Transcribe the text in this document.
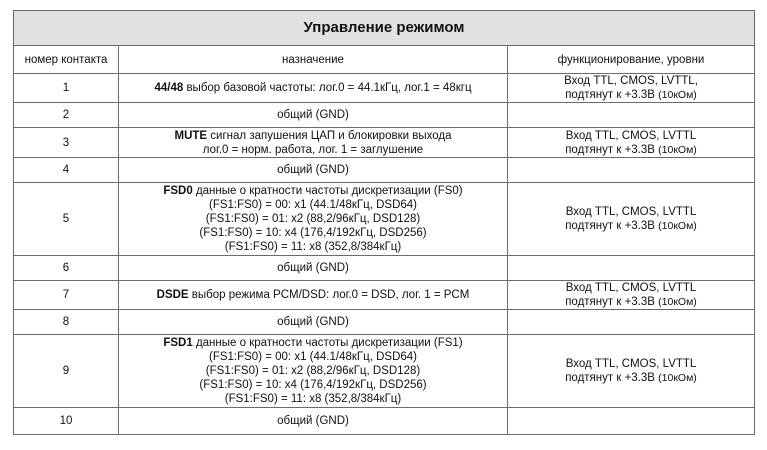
Управление режимом		
номер контакта	назначение	функционирование, уровни
1	44/48 выбор базовой частоты: лог.0 = 44.1кГц, лог.1 = 48кгц	Вход TTL, CMOS, LVTTL,
подтянут к +3.3В (10кОм)
2	общий (GND)	
3	MUTE сигнал запушения ЦАП и блокировки выхода
лог.0 = норм. работа, лог. 1 = заглушение	Вход TTL, CMOS, LVTTL
подтянут к +3.3В (10кОм)
4	общий (GND)	
5	FSD0 данные о кратности частоты дискретизации (FS0)
(FS1:FS0) = 00: x1 (44.1/48кГц, DSD64)
(FS1:FS0) = 01: x2 (88,2/96кГц, DSD128)
(FS1:FS0) = 10: x4 (176,4/192кГц, DSD256)
(FS1:FS0) = 11: x8 (352,8/384кГц)	Вход TTL, CMOS, LVTTL
подтянут к +3.3В (10кОм)
6	общий (GND)	
7	DSDE выбор режима PCM/DSD: лог.0 = DSD, лог. 1 = PCM	Вход TTL, CMOS, LVTTL
подтянут к +3.3В (10кОм)
8	общий (GND)	
9	FSD1 данные о кратности частоты дискретизации (FS1)
(FS1:FS0) = 00: x1 (44.1/48кГц, DSD64)
(FS1:FS0) = 01: x2 (88,2/96кГц, DSD128)
(FS1:FS0) = 10: x4 (176,4/192кГц, DSD256)
(FS1:FS0) = 11: x8 (352,8/384кГц)	Вход TTL, CMOS, LVTTL
подтянут к +3.3В (10кОм)
10	общий (GND)	
